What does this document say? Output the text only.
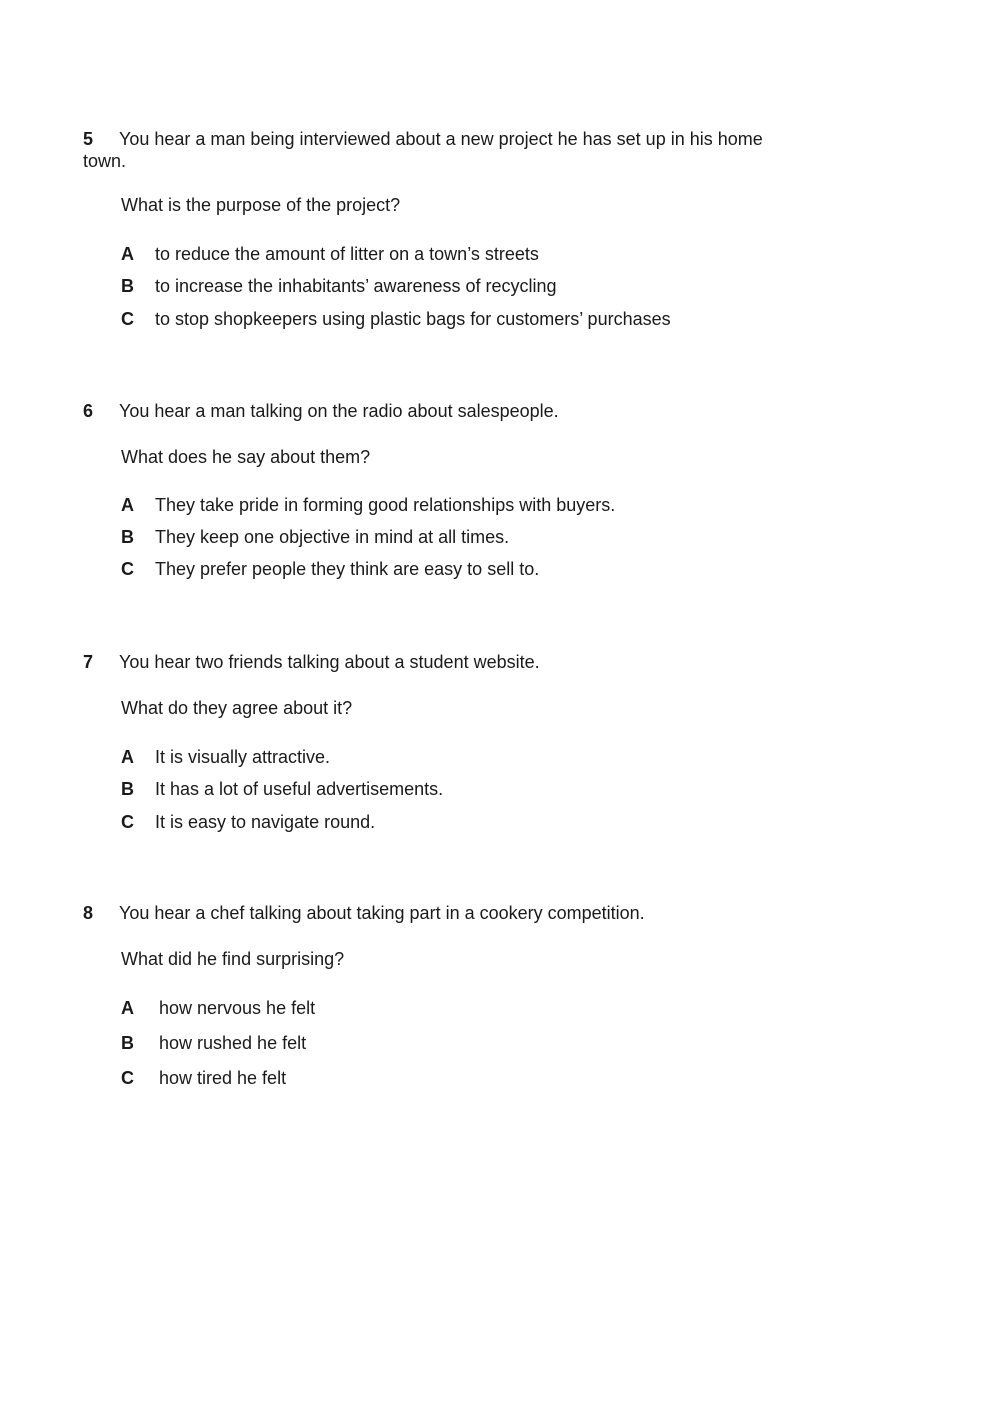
5 You hear a man being interviewed about a new project he has set up in his home town.

What is the purpose of the project?

A to reduce the amount of litter on a town’s streets

B to increase the inhabitants’ awareness of recycling

C to stop shopkeepers using plastic bags for customers’ purchases

6 You hear a man talking on the radio about salespeople.

What does he say about them?

A They take pride in forming good relationships with buyers.

B They keep one objective in mind at all times.

C They prefer people they think are easy to sell to.

7 You hear two friends talking about a student website.

What do they agree about it?

A It is visually attractive.

B It has a lot of useful advertisements.

C It is easy to navigate round.

8 You hear a chef talking about taking part in a cookery competition.

What did he find surprising?

A how nervous he felt

B how rushed he felt

C how tired he felt
